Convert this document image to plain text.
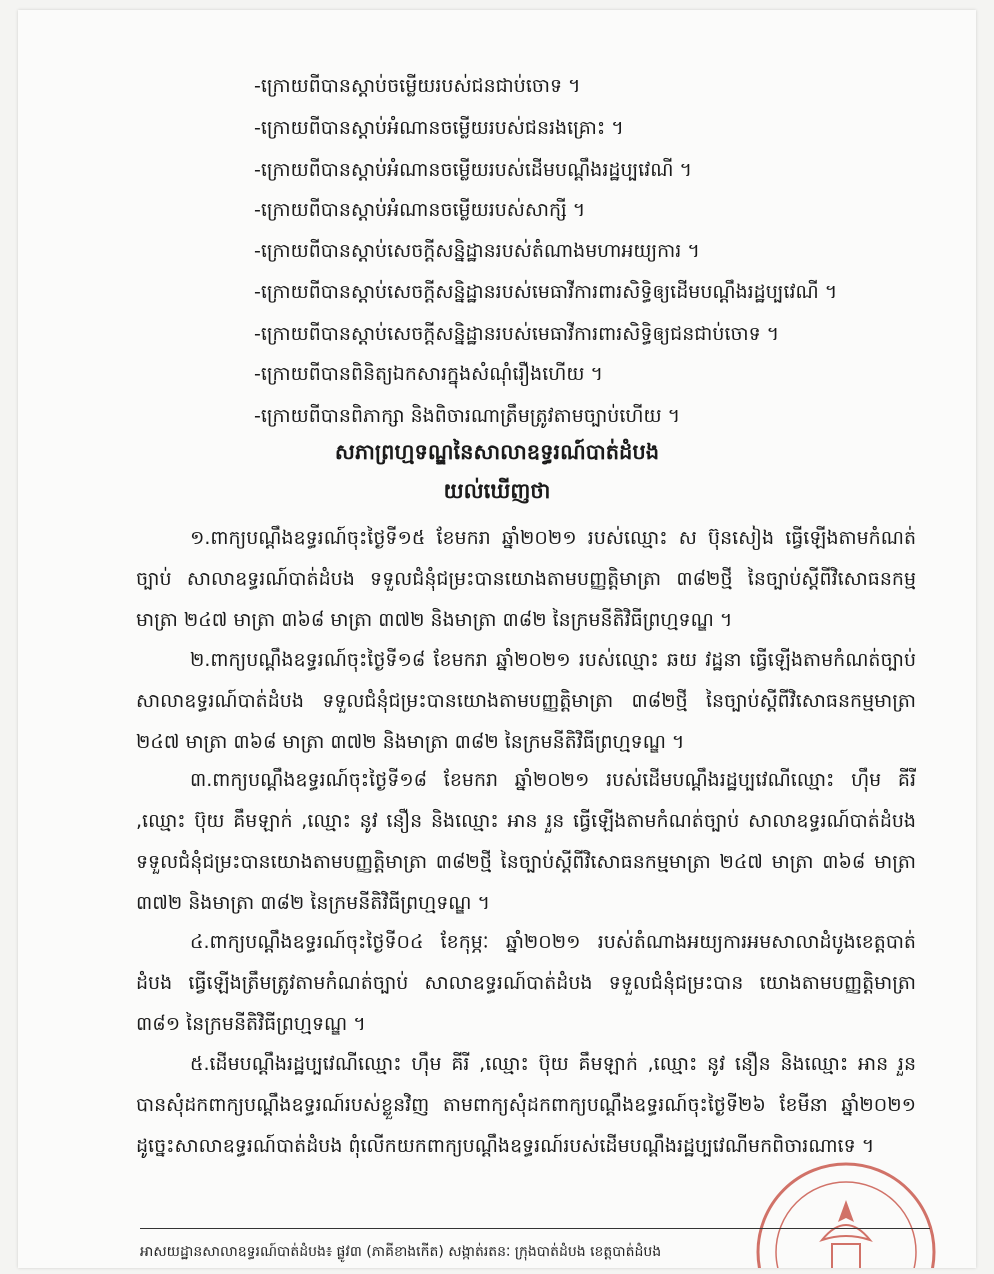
-ក្រោយពីបានស្តាប់ចម្លើយរបស់ជនជាប់ចោទ ។
-ក្រោយពីបានស្តាប់អំណានចម្លើយរបស់ជនរងគ្រោះ ។
-ក្រោយពីបានស្តាប់អំណានចម្លើយរបស់ដើមបណ្តឹងរដ្ឋប្បវេណី ។
-ក្រោយពីបានស្តាប់អំណានចម្លើយរបស់សាក្សី ។
-ក្រោយពីបានស្តាប់សេចក្តីសន្និដ្ឋានរបស់តំណាងមហាអយ្យការ ។
-ក្រោយពីបានស្តាប់សេចក្តីសន្និដ្ឋានរបស់មេធាវីការពារសិទ្ធិឲ្យដើមបណ្តឹងរដ្ឋប្បវេណី ។
-ក្រោយពីបានស្តាប់សេចក្តីសន្និដ្ឋានរបស់មេធាវីការពារសិទ្ធិឲ្យជនជាប់ចោទ ។
-ក្រោយពីបានពិនិត្យឯកសារក្នុងសំណុំរឿងហើយ ។
-ក្រោយពីបានពិភាក្សា និងពិចារណាត្រឹមត្រូវតាមច្បាប់ហើយ ។
សភាព្រហ្មទណ្ឌនៃសាលាឧទ្ធរណ៍បាត់ដំបង
យល់ឃើញថា
១.ពាក្យបណ្តឹងឧទ្ធរណ៍ចុះថ្ងៃទី១៥ ខែមករា ឆ្នាំ២០២១ របស់ឈ្មោះ ស ប៊ុនសៀង ធ្វើឡើងតាមកំណត់ច្បាប់ សាលាឧទ្ធរណ៍បាត់ដំបង ទទួលជំនុំជម្រះបានយោងតាមបញ្ញត្តិមាត្រា ៣៨២ថ្មី នៃច្បាប់ស្តីពីវិសោធនកម្មមាត្រា ២៤៧ មាត្រា ៣៦៨ មាត្រា ៣៧២ និងមាត្រា ៣៨២ នៃក្រមនីតិវិធីព្រហ្មទណ្ឌ ។
២.ពាក្យបណ្តឹងឧទ្ធរណ៍ចុះថ្ងៃទី១៨ ខែមករា ឆ្នាំ២០២១ របស់ឈ្មោះ ឆយ វដ្ឋនា ធ្វើឡើងតាមកំណត់ច្បាប់ សាលាឧទ្ធរណ៍បាត់ដំបង ទទួលជំនុំជម្រះបានយោងតាមបញ្ញត្តិមាត្រា ៣៨២ថ្មី នៃច្បាប់ស្តីពីវិសោធនកម្មមាត្រា ២៤៧ មាត្រា ៣៦៨ មាត្រា ៣៧២ និងមាត្រា ៣៨២ នៃក្រមនីតិវិធីព្រហ្មទណ្ឌ ។
៣.ពាក្យបណ្តឹងឧទ្ធរណ៍ចុះថ្ងៃទី១៨ ខែមករា ឆ្នាំ២០២១ របស់ដើមបណ្តឹងរដ្ឋប្បវេណីឈ្មោះ ហ៊ឹម គីរី ,ឈ្មោះ ប៊ុយ គឹមឡាក់ ,ឈ្មោះ នូវ នឿន និងឈ្មោះ អាន រួន ធ្វើឡើងតាមកំណត់ច្បាប់ សាលាឧទ្ធរណ៍បាត់ដំបង ទទួលជំនុំជម្រះបានយោងតាមបញ្ញត្តិមាត្រា ៣៨២ថ្មី នៃច្បាប់ស្តីពីវិសោធនកម្មមាត្រា ២៤៧ មាត្រា ៣៦៨ មាត្រា ៣៧២ និងមាត្រា ៣៨២ នៃក្រមនីតិវិធីព្រហ្មទណ្ឌ ។
៤.ពាក្យបណ្តឹងឧទ្ធរណ៍ចុះថ្ងៃទី០៤ ខែកុម្ភៈ ឆ្នាំ២០២១ របស់តំណាងអយ្យការអមសាលាដំបូងខេត្តបាត់ដំបង ធ្វើឡើងត្រឹមត្រូវតាមកំណត់ច្បាប់ សាលាឧទ្ធរណ៍បាត់ដំបង ទទួលជំនុំជម្រះបាន យោងតាមបញ្ញត្តិមាត្រា ៣៨១ នៃក្រមនីតិវិធីព្រហ្មទណ្ឌ ។
៥.ដើមបណ្តឹងរដ្ឋប្បវេណីឈ្មោះ ហ៊ឹម គីរី ,ឈ្មោះ ប៊ុយ គឹមឡាក់ ,ឈ្មោះ នូវ នឿន និងឈ្មោះ អាន រួន បានសុំដកពាក្យបណ្តឹងឧទ្ធរណ៍របស់ខ្លួនវិញ តាមពាក្យសុំដកពាក្យបណ្តឹងឧទ្ធរណ៍ចុះថ្ងៃទី២៦ ខែមីនា ឆ្នាំ២០២១ ដូច្នេះសាលាឧទ្ធរណ៍បាត់ដំបង ពុំលើកយកពាក្យបណ្តឹងឧទ្ធរណ៍របស់ដើមបណ្តឹងរដ្ឋប្បវេណីមកពិចារណាទេ ។
អាសយដ្ឋានសាលាឧទ្ធរណ៍បាត់ដំបង៖ ផ្លូវ៣ (ភាគីខាងកើត) សង្កាត់រតនៈ ក្រុងបាត់ដំបង ខេត្តបាត់ដំបង
